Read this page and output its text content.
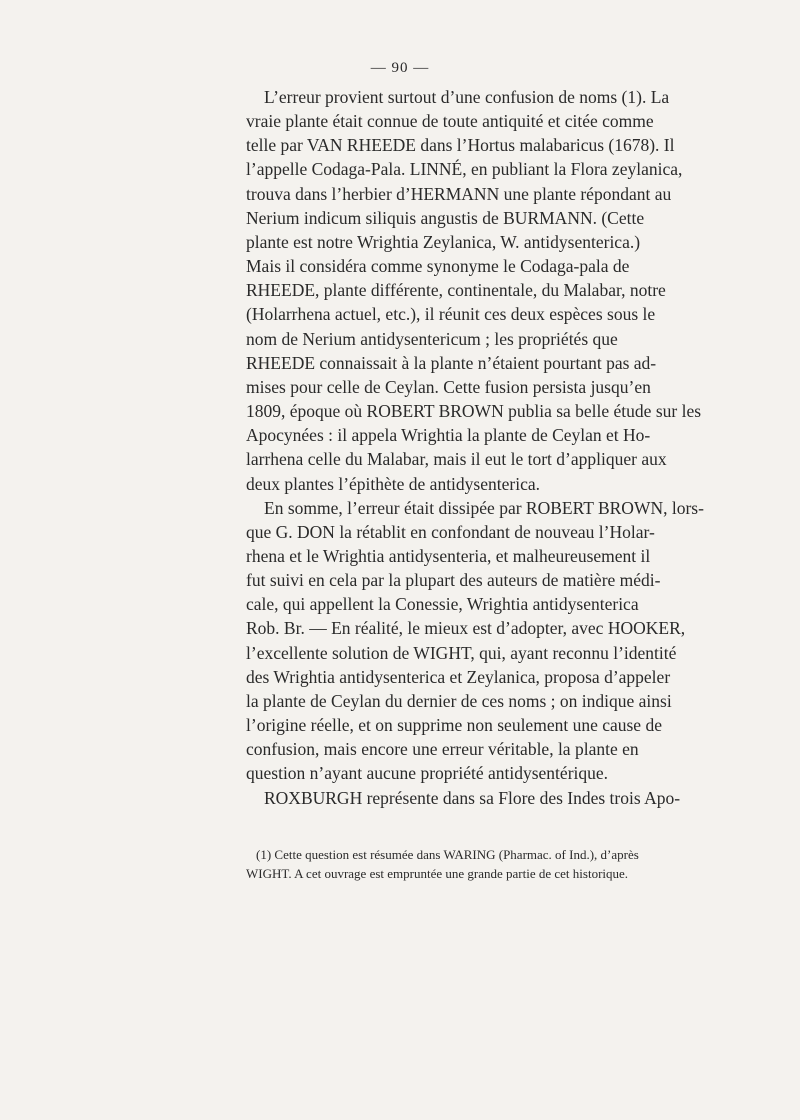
— 90 —
L’erreur provient surtout d’une confusion de noms (1). La
vraie plante était connue de toute antiquité et citée comme
telle par VAN RHEEDE dans l’Hortus malabaricus (1678). Il
l’appelle Codaga-Pala. LINNÉ, en publiant la Flora zeylanica,
trouva dans l’herbier d’HERMANN une plante répondant au
Nerium indicum siliquis angustis de BURMANN. (Cette
plante est notre Wrightia Zeylanica, W. antidysenterica.)
Mais il considéra comme synonyme le Codaga-pala de
RHEEDE, plante différente, continentale, du Malabar, notre
(Holarrhena actuel, etc.), il réunit ces deux espèces sous le
nom de Nerium antidysentericum ; les propriétés que
RHEEDE connaissait à la plante n’étaient pourtant pas ad-
mises pour celle de Ceylan. Cette fusion persista jusqu’en
1809, époque où ROBERT BROWN publia sa belle étude sur les
Apocynées : il appela Wrightia la plante de Ceylan et Ho-
larrhena celle du Malabar, mais il eut le tort d’appliquer aux
deux plantes l’épithète de antidysenterica.
En somme, l’erreur était dissipée par ROBERT BROWN, lors-
que G. DON la rétablit en confondant de nouveau l’Holar-
rhena et le Wrightia antidysenteria, et malheureusement il
fut suivi en cela par la plupart des auteurs de matière médi-
cale, qui appellent la Conessie, Wrightia antidysenterica
Rob. Br. — En réalité, le mieux est d’adopter, avec HOOKER,
l’excellente solution de WIGHT, qui, ayant reconnu l’identité
des Wrightia antidysenterica et Zeylanica, proposa d’appeler
la plante de Ceylan du dernier de ces noms ; on indique ainsi
l’origine réelle, et on supprime non seulement une cause de
confusion, mais encore une erreur véritable, la plante en
question n’ayant aucune propriété antidysentérique.
ROXBURGH représente dans sa Flore des Indes trois Apo-
(1) Cette question est résumée dans WARING (Pharmac. of Ind.), d’après
WIGHT. A cet ouvrage est empruntée une grande partie de cet historique.
